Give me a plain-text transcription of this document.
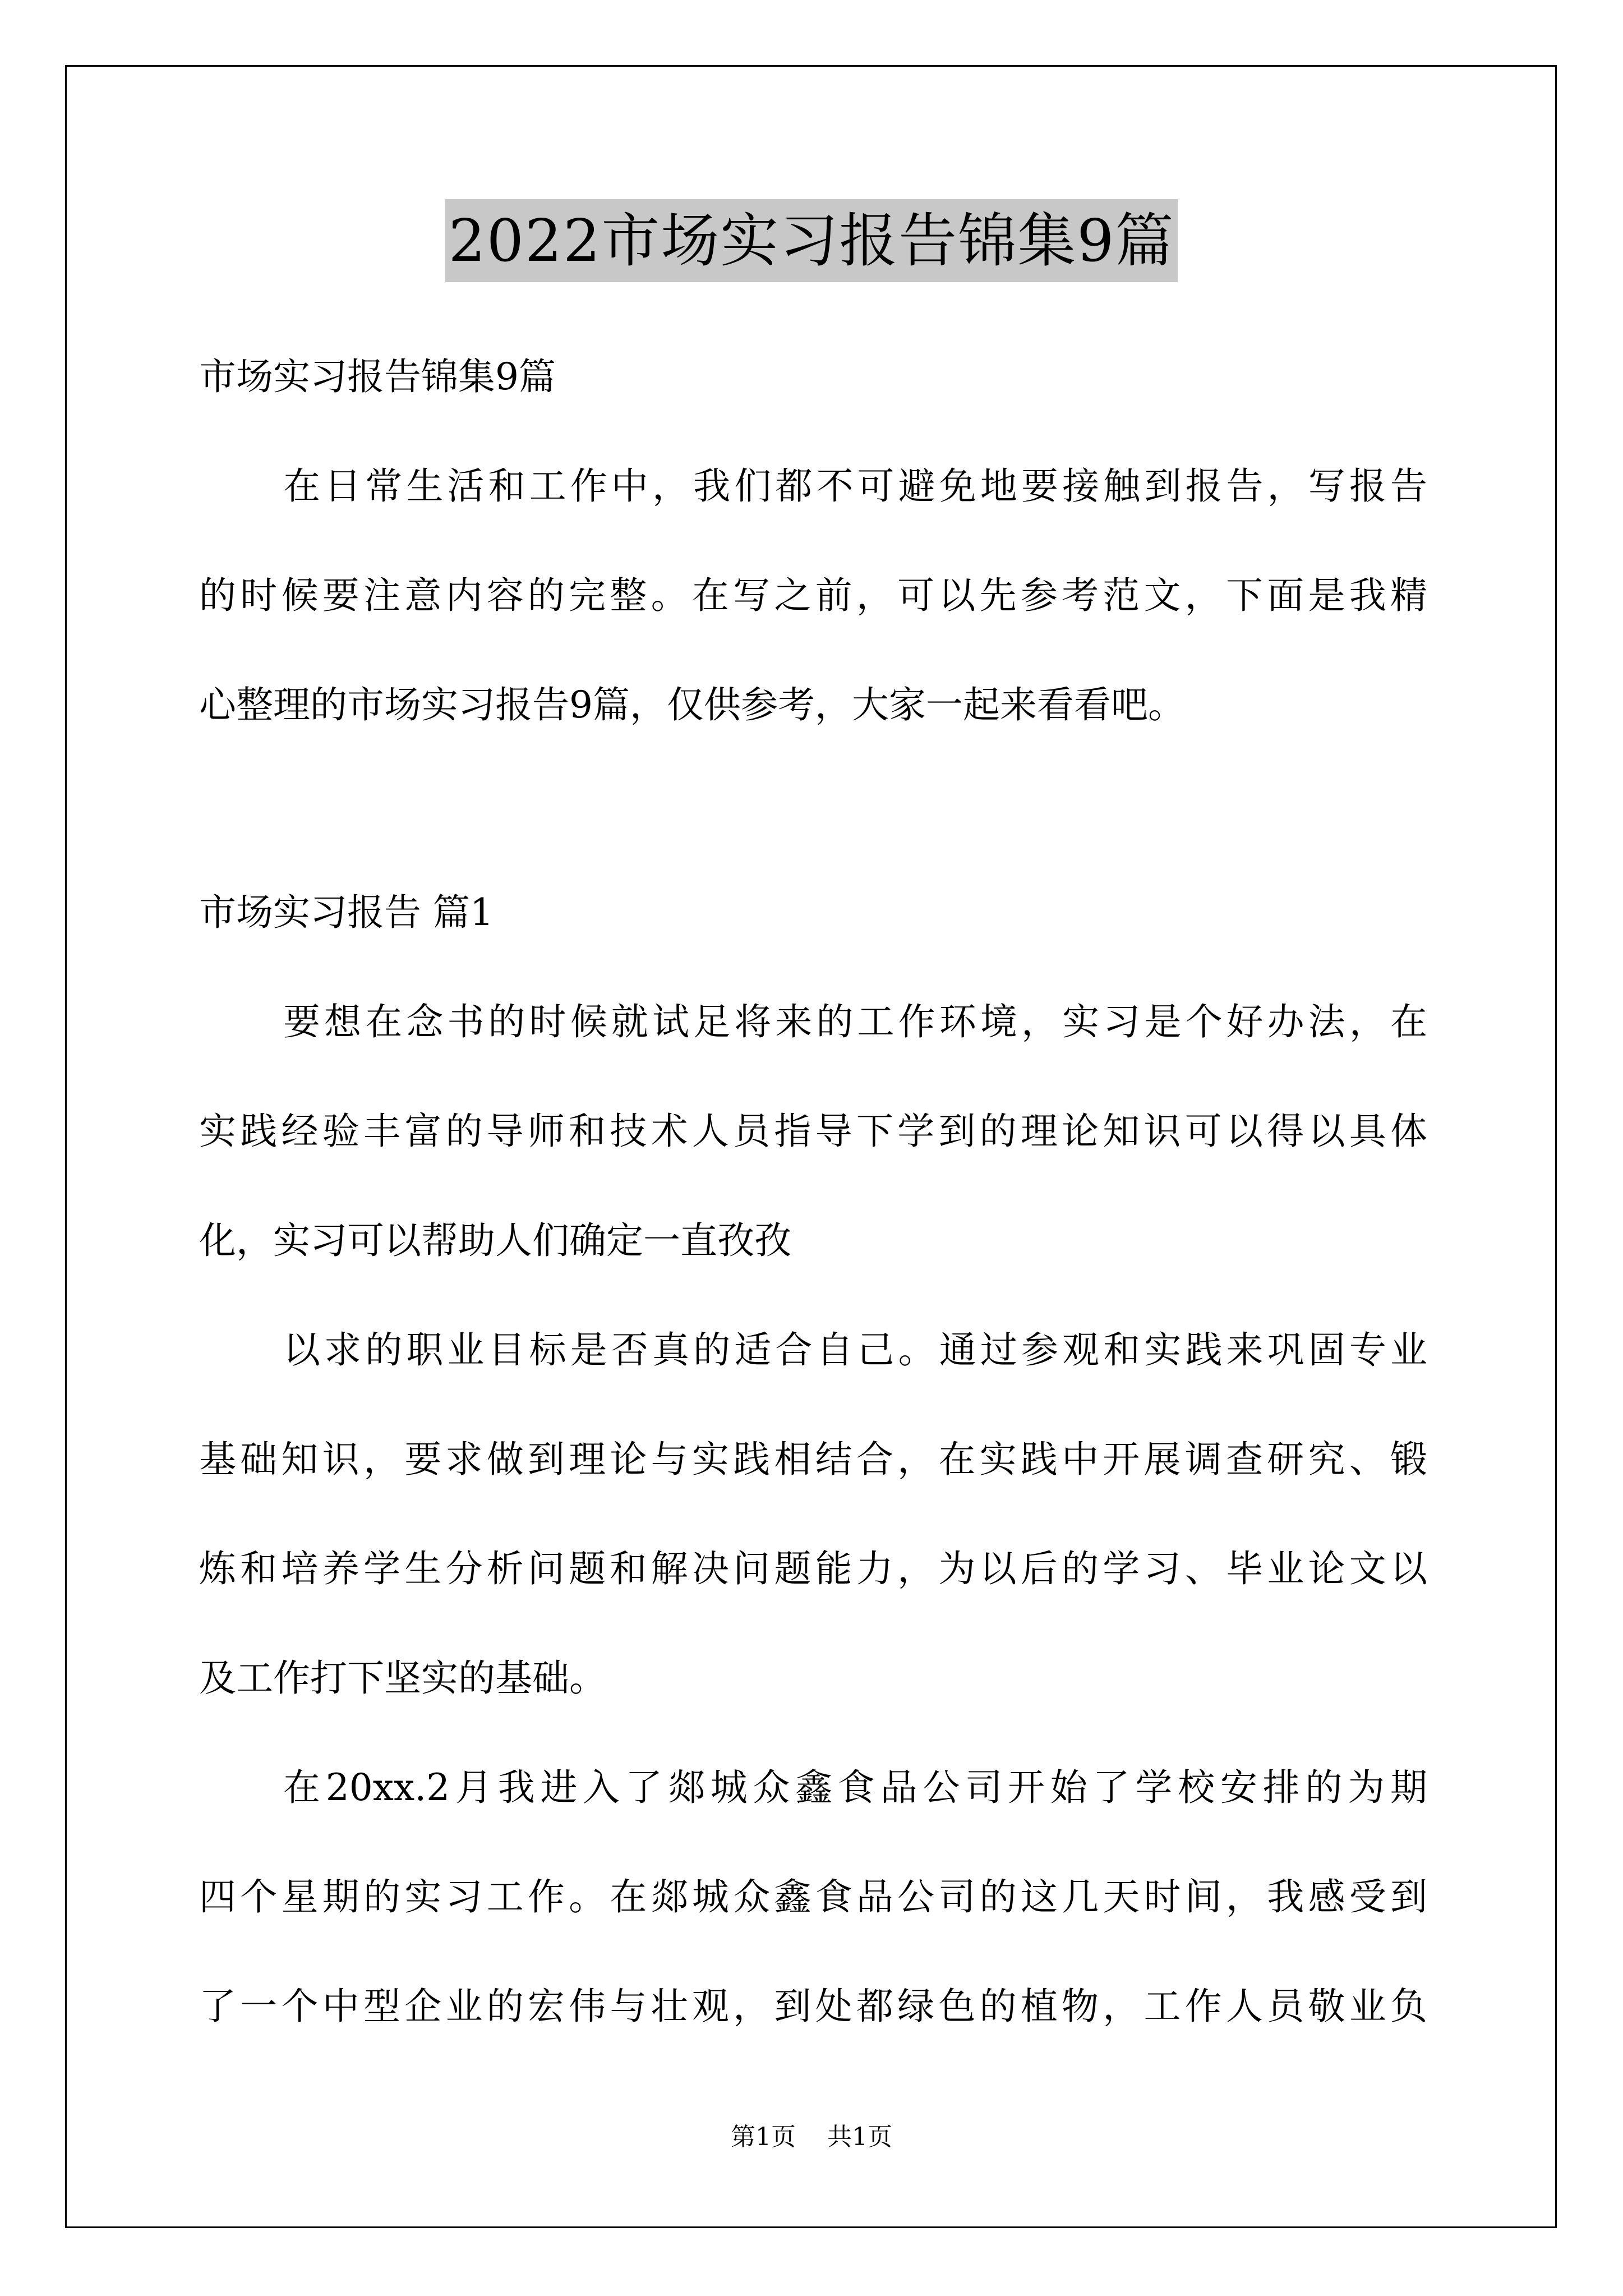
2022市场实习报告锦集9篇
市场实习报告锦集9篇
在日常生活和工作中，我们都不可避免地要接触到报告，写报告
的时候要注意内容的完整。在写之前，可以先参考范文，下面是我精
心整理的市场实习报告9篇，仅供参考，大家一起来看看吧。
市场实习报告 篇1
要想在念书的时候就试足将来的工作环境，实习是个好办法，在
实践经验丰富的导师和技术人员指导下学到的理论知识可以得以具体
化，实习可以帮助人们确定一直孜孜
以求的职业目标是否真的适合自己。通过参观和实践来巩固专业
基础知识，要求做到理论与实践相结合，在实践中开展调查研究、锻
炼和培养学生分析问题和解决问题能力，为以后的学习、毕业论文以
及工作打下坚实的基础。
在20xx.2月我进入了郯城众鑫食品公司开始了学校安排的为期
四个星期的实习工作。在郯城众鑫食品公司的这几天时间，我感受到
了一个中型企业的宏伟与壮观，到处都绿色的植物，工作人员敬业负
第1页 共1页
